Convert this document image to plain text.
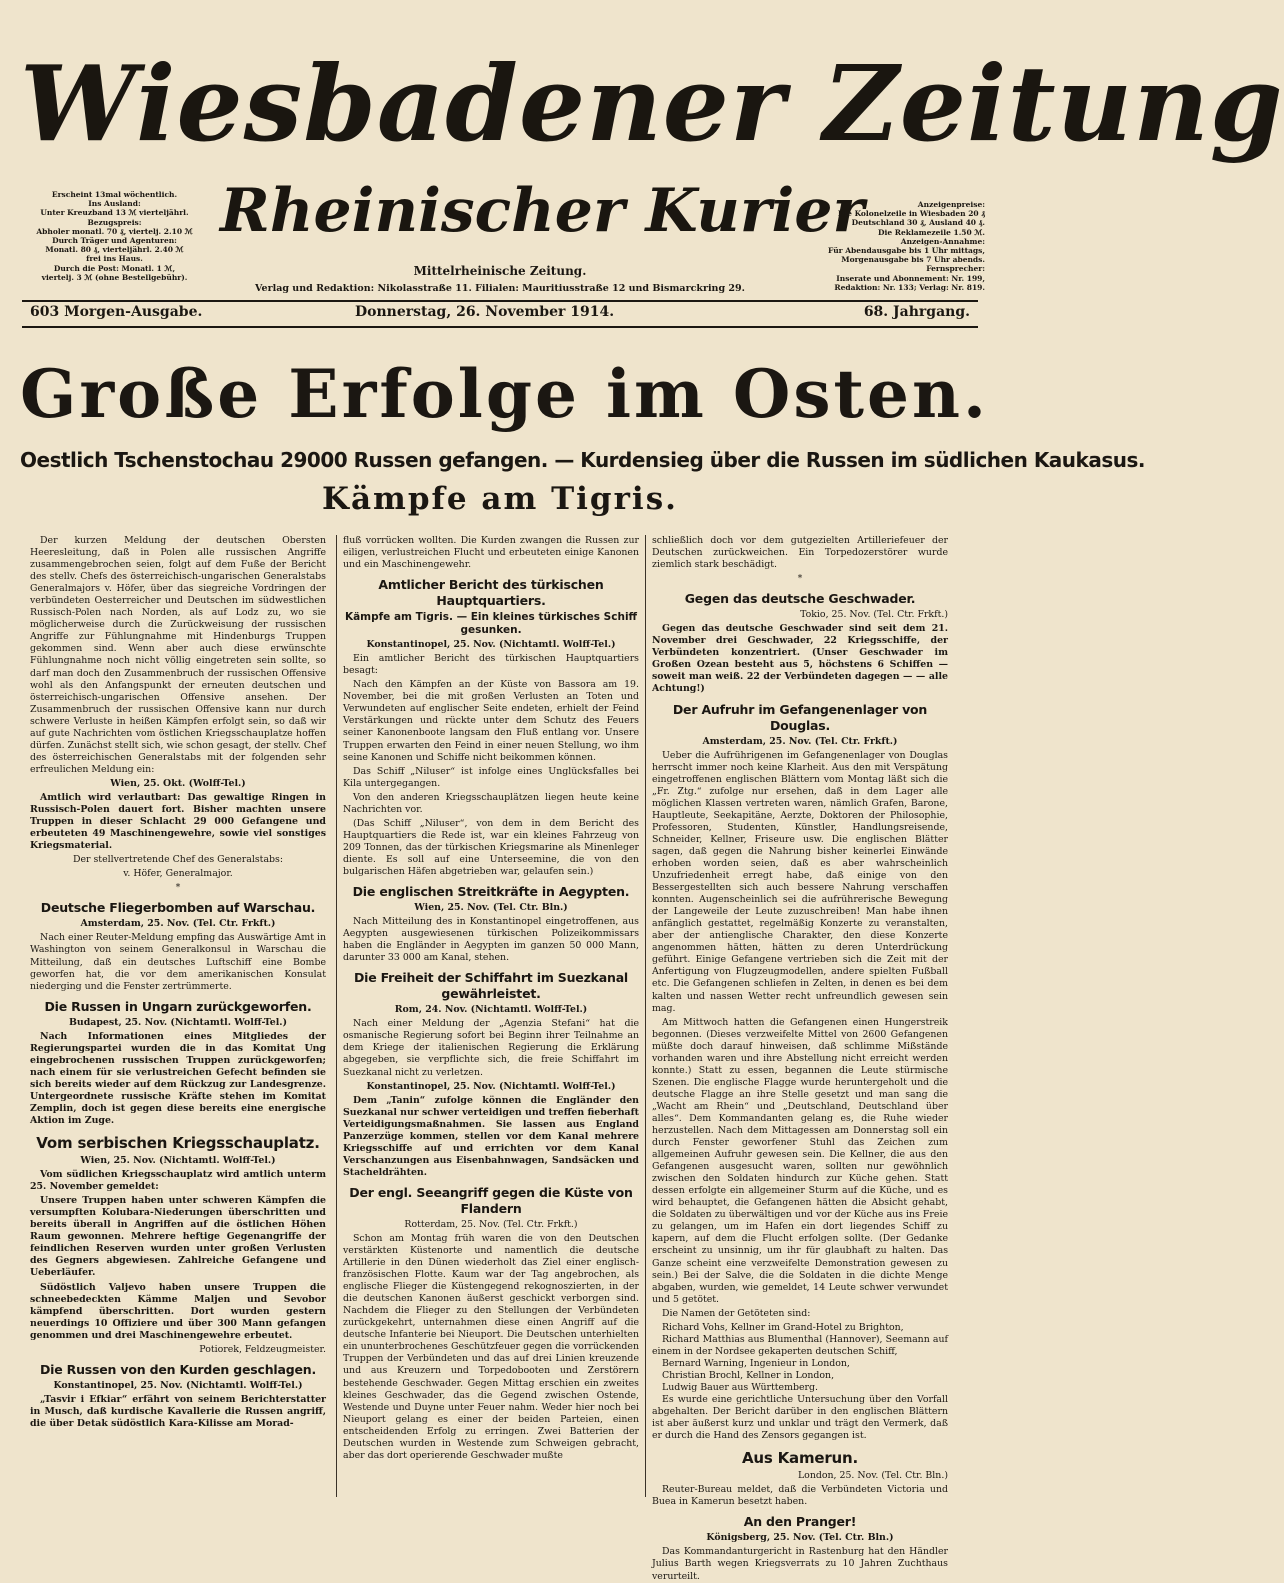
Wiesbadener Zeitung
Rheinischer Kurier
Mittelrheinische Zeitung.
Verlag und Redaktion: Nikolasstraße 11. Filialen: Mauritiusstraße 12 und Bismarckring 29.
Erscheint 13mal wöchentlich.
Ins Ausland:
Unter Kreuzband 13 ℳ vierteljährl.
Bezugspreis:
Abholer monatl. 70 ₰, viertelj. 2.10 ℳ
Durch Träger und Agenturen:
Monatl. 80 ₰, vierteljährl. 2.40 ℳ
frei ins Haus.
Durch die Post: Monatl. 1 ℳ,
viertelj. 3 ℳ (ohne Bestellgebühr).
Anzeigenpreise:
Die Kolonelzeile in Wiesbaden 20 ₰
Deutschland 30 ₰, Ausland 40 ₰.
Die Reklamezeile 1.50 ℳ.
Anzeigen-Annahme:
Für Abendausgabe bis 1 Uhr mittags,
Morgenausgabe bis 7 Uhr abends.
Fernsprecher:
Inserate und Abonnement: Nr. 199,
Redaktion: Nr. 133; Verlag: Nr. 819.
603 Morgen-Ausgabe.	Donnerstag, 26. November 1914.	68. Jahrgang.
Große Erfolge im Osten.
Oestlich Tschenstochau 29000 Russen gefangen. — Kurdensieg über die Russen im südlichen Kaukasus.
Kämpfe am Tigris.

Der kurzen Meldung der deutschen Obersten Heeresleitung, daß in Polen alle russischen Angriffe zusammengebrochen seien, folgt auf dem Fuße der Bericht des stellv. Chefs des österreichisch-ungarischen Generalstabs Generalmajors v. Höfer, über das siegreiche Vordringen der verbündeten Oesterreicher und Deutschen im südwestlichen Russisch-Polen nach Norden, als auf Lodz zu, wo sie möglicherweise durch die Zurückweisung der russischen Angriffe zur Fühlungnahme mit Hindenburgs Truppen gekommen sind. Wenn aber auch diese erwünschte Fühlungnahme noch nicht völlig eingetreten sein sollte, so darf man doch den Zusammenbruch der russischen Offensive wohl als den Anfangspunkt der erneuten deutschen und österreichisch-ungarischen Offensive ansehen. Der Zusammenbruch der russischen Offensive kann nur durch schwere Verluste in heißen Kämpfen erfolgt sein, so daß wir auf gute Nachrichten vom östlichen Kriegsschauplatze hoffen dürfen. Zunächst stellt sich, wie schon gesagt, der stellv. Chef des österreichischen Generalstabs mit der folgenden sehr erfreulichen Meldung ein:

Wien, 25. Okt. (Wolff-Tel.)

Amtlich wird verlautbart: Das gewaltige Ringen in Russisch-Polen dauert fort. Bisher machten unsere Truppen in dieser Schlacht 29 000 Gefangene und erbeuteten 49 Maschinengewehre, sowie viel sonstiges Kriegsmaterial.

Der stellvertretende Chef des Generalstabs:

v. Höfer, Generalmajor.

*

Deutsche Fliegerbomben auf Warschau.

Amsterdam, 25. Nov. (Tel. Ctr. Frkft.)

Nach einer Reuter-Meldung empfing das Auswärtige Amt in Washington von seinem Generalkonsul in Warschau die Mitteilung, daß ein deutsches Luftschiff eine Bombe geworfen hat, die vor dem amerikanischen Konsulat niederging und die Fenster zertrümmerte.

Die Russen in Ungarn zurückgeworfen.

Budapest, 25. Nov. (Nichtamtl. Wolff-Tel.)

Nach Informationen eines Mitgliedes der Regierungspartei wurden die in das Komitat Ung eingebrochenen russischen Truppen zurückgeworfen; nach einem für sie verlustreichen Gefecht befinden sie sich bereits wieder auf dem Rückzug zur Landesgrenze. Untergeordnete russische Kräfte stehen im Komitat Zemplin, doch ist gegen diese bereits eine energische Aktion im Zuge.

Vom serbischen Kriegsschauplatz.

Wien, 25. Nov. (Nichtamtl. Wolff-Tel.)

Vom südlichen Kriegsschauplatz wird amtlich unterm 25. November gemeldet:

Unsere Truppen haben unter schweren Kämpfen die versumpften Kolubara-Niederungen überschritten und bereits überall in Angriffen auf die östlichen Höhen Raum gewonnen. Mehrere heftige Gegenangriffe der feindlichen Reserven wurden unter großen Verlusten des Gegners abgewiesen. Zahlreiche Gefangene und Ueberläufer.

Südöstlich Valjevo haben unsere Truppen die schneebedeckten Kämme Maljen und Sevobor kämpfend überschritten. Dort wurden gestern neuerdings 10 Offiziere und über 300 Mann gefangen genommen und drei Maschinengewehre erbeutet.

Potiorek, Feldzeugmeister.

Die Russen von den Kurden geschlagen.

Konstantinopel, 25. Nov. (Nichtamtl. Wolff-Tel.)

„Tasvir i Efkiar“ erfährt von seinem Berichterstatter in Musch, daß kurdische Kavallerie die Russen angriff, die über Detak südöstlich Kara-Kilisse am Morad-

fluß vorrücken wollten. Die Kurden zwangen die Russen zur eiligen, verlustreichen Flucht und erbeuteten einige Kanonen und ein Maschinengewehr.

Amtlicher Bericht des türkischen Hauptquartiers.
Kämpfe am Tigris. — Ein kleines türkisches Schiff gesunken.

Konstantinopel, 25. Nov. (Nichtamtl. Wolff-Tel.)

Ein amtlicher Bericht des türkischen Hauptquartiers besagt:

Nach den Kämpfen an der Küste von Bassora am 19. November, bei die mit großen Verlusten an Toten und Verwundeten auf englischer Seite endeten, erhielt der Feind Verstärkungen und rückte unter dem Schutz des Feuers seiner Kanonenboote langsam den Fluß entlang vor. Unsere Truppen erwarten den Feind in einer neuen Stellung, wo ihm seine Kanonen und Schiffe nicht beikommen können.

Das Schiff „Niluser“ ist infolge eines Unglücksfalles bei Kila untergegangen.

Von den anderen Kriegsschauplätzen liegen heute keine Nachrichten vor.

(Das Schiff „Niluser“, von dem in dem Bericht des Hauptquartiers die Rede ist, war ein kleines Fahrzeug von 209 Tonnen, das der türkischen Kriegsmarine als Minenleger diente. Es soll auf eine Unterseemine, die von den bulgarischen Häfen abgetrieben war, gelaufen sein.)

Die englischen Streitkräfte in Aegypten.

Wien, 25. Nov. (Tel. Ctr. Bln.)

Nach Mitteilung des in Konstantinopel eingetroffenen, aus Aegypten ausgewiesenen türkischen Polizeikommissars haben die Engländer in Aegypten im ganzen 50 000 Mann, darunter 33 000 am Kanal, stehen.

Die Freiheit der Schiffahrt im Suezkanal gewährleistet.

Rom, 24. Nov. (Nichtamtl. Wolff-Tel.)

Nach einer Meldung der „Agenzia Stefani“ hat die osmanische Regierung sofort bei Beginn ihrer Teilnahme an dem Kriege der italienischen Regierung die Erklärung abgegeben, sie verpflichte sich, die freie Schiffahrt im Suezkanal nicht zu verletzen.

Konstantinopel, 25. Nov. (Nichtamtl. Wolff-Tel.)

Dem „Tanin“ zufolge können die Engländer den Suezkanal nur schwer verteidigen und treffen fieberhaft Verteidigungsmaßnahmen. Sie lassen aus England Panzerzüge kommen, stellen vor dem Kanal mehrere Kriegsschiffe auf und errichten vor dem Kanal Verschanzungen aus Eisenbahnwagen, Sandsäcken und Stacheldrähten.

Der engl. Seeangriff gegen die Küste von Flandern

Rotterdam, 25. Nov. (Tel. Ctr. Frkft.)

Schon am Montag früh waren die von den Deutschen verstärkten Küstenorte und namentlich die deutsche Artillerie in den Dünen wiederholt das Ziel einer englisch-französischen Flotte. Kaum war der Tag angebrochen, als englische Flieger die Küstengegend rekognoszierten, in der die deutschen Kanonen äußerst geschickt verborgen sind. Nachdem die Flieger zu den Stellungen der Verbündeten zurückgekehrt, unternahmen diese einen Angriff auf die deutsche Infanterie bei Nieuport. Die Deutschen unterhielten ein ununterbrochenes Geschützfeuer gegen die vorrückenden Truppen der Verbündeten und das auf drei Linien kreuzende und aus Kreuzern und Torpedobooten und Zerstörern bestehende Geschwader. Gegen Mittag erschien ein zweites kleines Geschwader, das die Gegend zwischen Ostende, Westende und Duyne unter Feuer nahm. Weder hier noch bei Nieuport gelang es einer der beiden Parteien, einen entscheidenden Erfolg zu erringen. Zwei Batterien der Deutschen wurden in Westende zum Schweigen gebracht, aber das dort operierende Geschwader mußte

schließlich doch vor dem gutgezielten Artilleriefeuer der Deutschen zurückweichen. Ein Torpedozerstörer wurde ziemlich stark beschädigt.

*

Gegen das deutsche Geschwader.

Tokio, 25. Nov. (Tel. Ctr. Frkft.)

Gegen das deutsche Geschwader sind seit dem 21. November drei Geschwader, 22 Kriegsschiffe, der Verbündeten konzentriert. (Unser Geschwader im Großen Ozean besteht aus 5, höchstens 6 Schiffen — soweit man weiß. 22 der Verbündeten dagegen — — alle Achtung!)

Der Aufruhr im Gefangenenlager von Douglas.

Amsterdam, 25. Nov. (Tel. Ctr. Frkft.)

Ueber die Aufrührigenen im Gefangenenlager von Douglas herrscht immer noch keine Klarheit. Aus den mit Verspätung eingetroffenen englischen Blättern vom Montag läßt sich die „Fr. Ztg.“ zufolge nur ersehen, daß in dem Lager alle möglichen Klassen vertreten waren, nämlich Grafen, Barone, Hauptleute, Seekapitäne, Aerzte, Doktoren der Philosophie, Professoren, Studenten, Künstler, Handlungsreisende, Schneider, Kellner, Friseure usw. Die englischen Blätter sagen, daß gegen die Nahrung bisher keinerlei Einwände erhoben worden seien, daß es aber wahrscheinlich Unzufriedenheit erregt habe, daß einige von den Bessergestellten sich auch bessere Nahrung verschaffen konnten. Augenscheinlich sei die aufrührerische Bewegung der Langeweile der Leute zuzuschreiben! Man habe ihnen anfänglich gestattet, regelmäßig Konzerte zu veranstalten, aber der antienglische Charakter, den diese Konzerte angenommen hätten, hätten zu deren Unterdrückung geführt. Einige Gefangene vertrieben sich die Zeit mit der Anfertigung von Flugzeugmodellen, andere spielten Fußball etc. Die Gefangenen schliefen in Zelten, in denen es bei dem kalten und nassen Wetter recht unfreundlich gewesen sein mag.

Am Mittwoch hatten die Gefangenen einen Hungerstreik begonnen. (Dieses verzweifelte Mittel von 2600 Gefangenen müßte doch darauf hinweisen, daß schlimme Mißstände vorhanden waren und ihre Abstellung nicht erreicht werden konnte.) Statt zu essen, begannen die Leute stürmische Szenen. Die englische Flagge wurde heruntergeholt und die deutsche Flagge an ihre Stelle gesetzt und man sang die „Wacht am Rhein“ und „Deutschland, Deutschland über alles“. Dem Kommandanten gelang es, die Ruhe wieder herzustellen. Nach dem Mittagessen am Donnerstag soll ein durch Fenster geworfener Stuhl das Zeichen zum allgemeinen Aufruhr gewesen sein. Die Kellner, die aus den Gefangenen ausgesucht waren, sollten nur gewöhnlich zwischen den Soldaten hindurch zur Küche gehen. Statt dessen erfolgte ein allgemeiner Sturm auf die Küche, und es wird behauptet, die Gefangenen hätten die Absicht gehabt, die Soldaten zu überwältigen und vor der Küche aus ins Freie zu gelangen, um im Hafen ein dort liegendes Schiff zu kapern, auf dem die Flucht erfolgen sollte. (Der Gedanke erscheint zu unsinnig, um ihr für glaubhaft zu halten. Das Ganze scheint eine verzweifelte Demonstration gewesen zu sein.) Bei der Salve, die die Soldaten in die dichte Menge abgaben, wurden, wie gemeldet, 14 Leute schwer verwundet und 5 getötet.

Die Namen der Getöteten sind:

Richard Vohs, Kellner im Grand-Hotel zu Brighton,
Richard Matthias aus Blumenthal (Hannover), Seemann auf einem in der Nordsee gekaperten deutschen Schiff,
Bernard Warning, Ingenieur in London,
Christian Brochl, Kellner in London,
Ludwig Bauer aus Württemberg.

Es wurde eine gerichtliche Untersuchung über den Vorfall abgehalten. Der Bericht darüber in den englischen Blättern ist aber äußerst kurz und unklar und trägt den Vermerk, daß er durch die Hand des Zensors gegangen ist.

Aus Kamerun.

London, 25. Nov. (Tel. Ctr. Bln.)

Reuter-Bureau meldet, daß die Verbündeten Victoria und Buea in Kamerun besetzt haben.

An den Pranger!

Königsberg, 25. Nov. (Tel. Ctr. Bln.)

Das Kommandanturgericht in Rastenburg hat den Händler Julius Barth wegen Kriegsverrats zu 10 Jahren Zuchthaus verurteilt.
